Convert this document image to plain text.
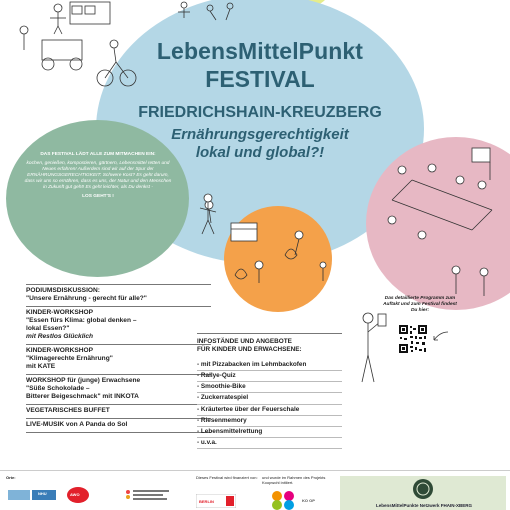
LebensMittelPunkt
FESTIVAL
FRIEDRICHSHAIN-KREUZBERG
Ernährungsgerechtigkeit
lokal und global?!
DAS FESTIVAL LÄDT ALLE ZUM MITMACHEN EIN:
kochen, genießen, kompostieren, gärtnern, Lebensmittel retten und Neues erfahren! Außerdem sind wir auf der Spur der ERNÄHRUNGSGERECHTIGKEIT: Schwere Kost? Es geht darum, dass wir uns so ernähren, dass es uns, der Natur und den Menschen in Zukunft gut geht! Es geht leichter, als Du denkst -
LOS GEHT'S !
PODIUMSDISKUSSION:
"Unsere Ernährung - gerecht für alle?"
KINDER-WORKSHOP
"Essen fürs Klima: global denken –
lokal Essen?"
mit Restlos Glücklich
KINDER-WORKSHOP
"Klimagerechte Ernährung"
mit KATE
WORKSHOP für (junge) Erwachsene
"Süße Schokolade –
Bitterer Beigeschmack" mit INKOTA
VEGETARISCHES BUFFET
LIVE-MUSIK von A Panda do Sol
INFOSTÄNDE UND ANGEBOTE
FÜR KINDER UND ERWACHSENE:
- mit Pizzabacken im Lehmbackofen
- Rallye-Quiz
- Smoothie-Bike
- Zuckerratespiel
- Kräutertee über der Feuerschale
- Riesenmemory
- Lebensmittelrettung
- u.v.a.
Das detaillierte Programm zum Auftakt und zum Festival findest Du hier:
Orte:
NHU	AWO
Dieses Festival wird finanziert von:
BERLIN
und wurde im Rahmen des Projekts Koopwohl initiiert.
KO OP
LebensMittelPunkte Netzwerk FHAIN-XBERG
